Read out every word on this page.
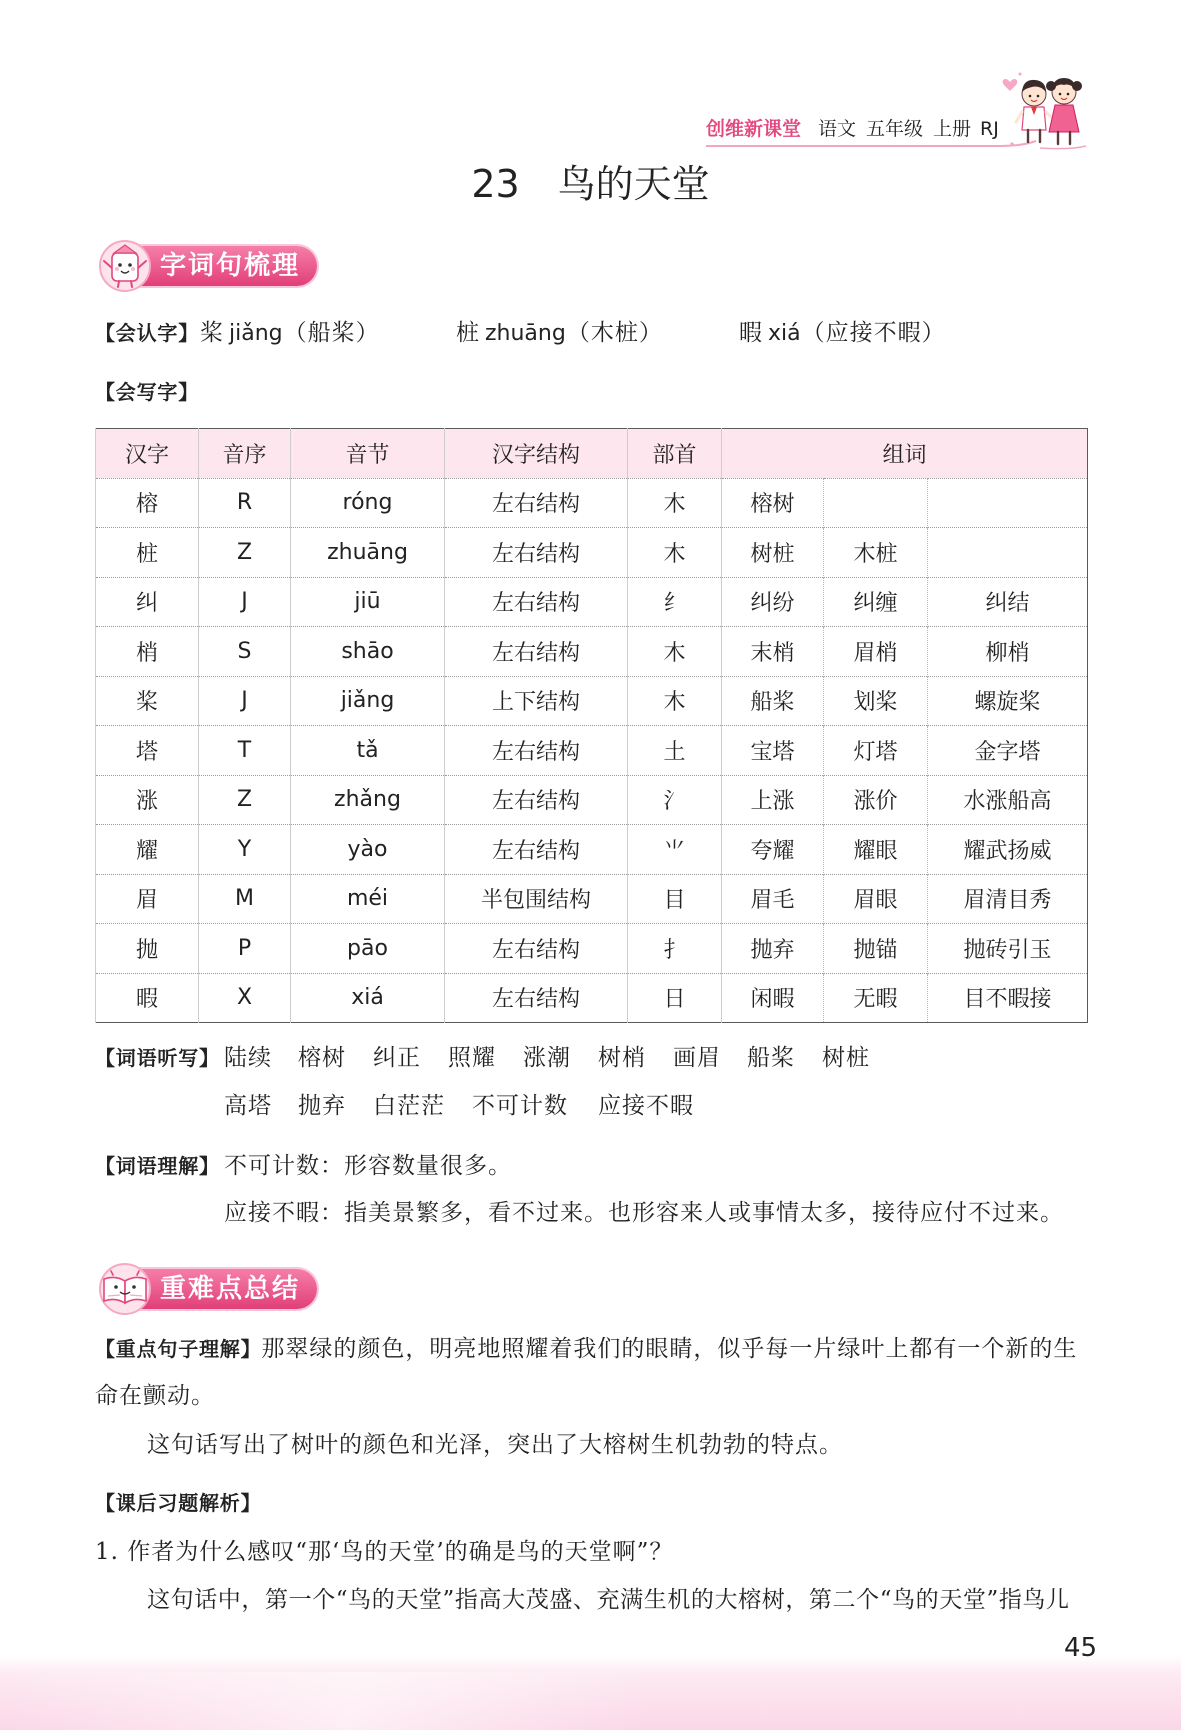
创维新课堂 语文 五年级 上册 RJ
23 鸟的天堂
字词句梳理
【会认字】 桨 jiǎng（船桨）	桩 zhuāng（木桩）	暇 xiá（应接不暇）
【会写字】
汉字	音序	音节	汉字结构	部首	组词		
榕	R	róng	左右结构	木	榕树		
桩	Z	zhuāng	左右结构	木	树桩	木桩	
纠	J	jiū	左右结构	纟	纠纷	纠缠	纠结
梢	S	shāo	左右结构	木	末梢	眉梢	柳梢
桨	J	jiǎng	上下结构	木	船桨	划桨	螺旋桨
塔	T	tǎ	左右结构	土	宝塔	灯塔	金字塔
涨	Z	zhǎng	左右结构	氵	上涨	涨价	水涨船高
耀	Y	yào	左右结构	⺌	夸耀	耀眼	耀武扬威
眉	M	méi	半包围结构	目	眉毛	眉眼	眉清目秀
抛	P	pāo	左右结构	扌	抛弃	抛锚	抛砖引玉
暇	X	xiá	左右结构	日	闲暇	无暇	目不暇接
【词语听写】 陆续 榕树 纠正 照耀 涨潮 树梢 画眉 船桨 树桩
高塔 抛弃 白茫茫 不可计数 应接不暇
【词语理解】 不可计数：形容数量很多。
应接不暇：指美景繁多，看不过来。也形容来人或事情太多，接待应付不过来。
重难点总结
【重点句子理解】那翠绿的颜色，明亮地照耀着我们的眼睛，似乎每一片绿叶上都有一个新的生
命在颤动。
这句话写出了树叶的颜色和光泽，突出了大榕树生机勃勃的特点。
【课后习题解析】
1. 作者为什么感叹“那‘鸟的天堂’的确是鸟的天堂啊”？
这句话中，第一个“鸟的天堂”指高大茂盛、充满生机的大榕树，第二个“鸟的天堂”指鸟儿
45
